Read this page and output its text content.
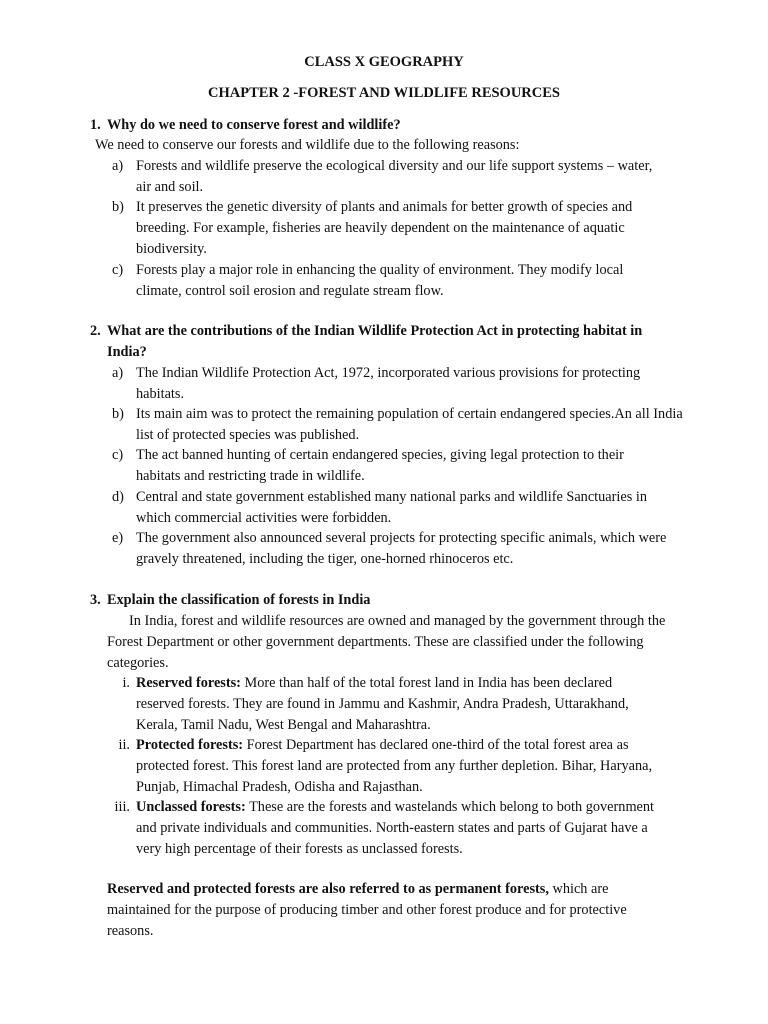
CLASS X GEOGRAPHY
CHAPTER 2 -FOREST AND WILDLIFE RESOURCES
1. Why do we need to conserve forest and wildlife?
We need to conserve our forests and wildlife due to the following reasons:
a) Forests and wildlife preserve the ecological diversity and our life support systems – water, air and soil.
b) It preserves the genetic diversity of plants and animals for better growth of species and breeding. For example, fisheries are heavily dependent on the maintenance of aquatic biodiversity.
c) Forests play a major role in enhancing the quality of environment. They modify local climate, control soil erosion and regulate stream flow.
2. What are the contributions of the Indian Wildlife Protection Act in protecting habitat in India?
a) The Indian Wildlife Protection Act, 1972, incorporated various provisions for protecting habitats.
b) Its main aim was to protect the remaining population of certain endangered species.An all India list of protected species was published.
c) The act banned hunting of certain endangered species, giving legal protection to their habitats and restricting trade in wildlife.
d) Central and state government established many national parks and wildlife Sanctuaries in which commercial activities were forbidden.
e) The government also announced several projects for protecting specific animals, which were gravely threatened, including the tiger, one-horned rhinoceros etc.
3. Explain the classification of forests in India
In India, forest and wildlife resources are owned and managed by the government through the Forest Department or other government departments. These are classified under the following categories.
i. Reserved forests: More than half of the total forest land in India has been declared reserved forests. They are found in Jammu and Kashmir, Andra Pradesh, Uttarakhand, Kerala, Tamil Nadu, West Bengal and Maharashtra.
ii. Protected forests: Forest Department has declared one-third of the total forest area as protected forest. This forest land are protected from any further depletion. Bihar, Haryana, Punjab, Himachal Pradesh, Odisha and Rajasthan.
iii. Unclassed forests: These are the forests and wastelands which belong to both government and private individuals and communities. North-eastern states and parts of Gujarat have a very high percentage of their forests as unclassed forests.
Reserved and protected forests are also referred to as permanent forests, which are maintained for the purpose of producing timber and other forest produce and for protective reasons.
